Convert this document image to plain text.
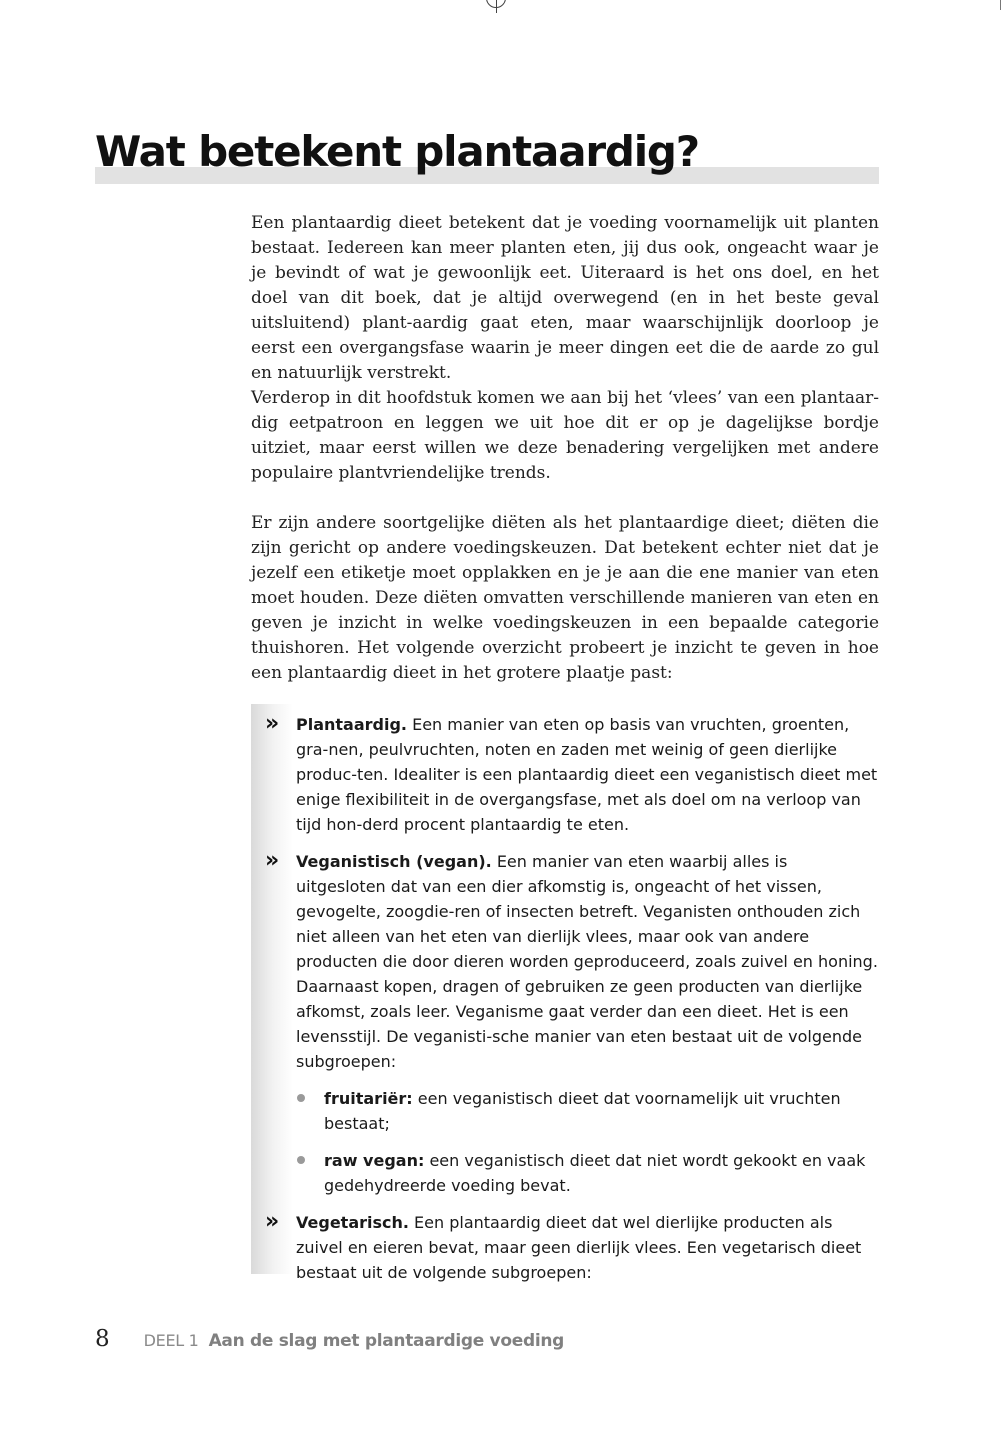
Wat betekent plantaardig?

Een plantaardig dieet betekent dat je voeding voornamelijk uit planten bestaat. Iedereen kan meer planten eten, jij dus ook, ongeacht waar je je bevindt of wat je gewoonlijk eet. Uiteraard is het ons doel, en het doel van dit boek, dat je altijd overwegend (en in het beste geval uitsluitend) plant-aardig gaat eten, maar waarschijnlijk doorloop je eerst een overgangsfase waarin je meer dingen eet die de aarde zo gul en natuurlijk verstrekt.

Verderop in dit hoofdstuk komen we aan bij het ‘vlees’ van een plantaar-dig eetpatroon en leggen we uit hoe dit er op je dagelijkse bordje uitziet, maar eerst willen we deze benadering vergelijken met andere populaire plantvriendelijke trends.

Er zijn andere soortgelijke diëten als het plantaardige dieet; diëten die zijn gericht op andere voedingskeuzen. Dat betekent echter niet dat je jezelf een etiketje moet opplakken en je je aan die ene manier van eten moet houden. Deze diëten omvatten verschillende manieren van eten en geven je inzicht in welke voedingskeuzen in een bepaalde categorie thuishoren. Het volgende overzicht probeert je inzicht te geven in hoe een plantaardig dieet in het grotere plaatje past:

» Plantaardig. Een manier van eten op basis van vruchten, groenten, gra-nen, peulvruchten, noten en zaden met weinig of geen dierlijke produc-ten. Idealiter is een plantaardig dieet een veganistisch dieet met enige flexibiliteit in de overgangsfase, met als doel om na verloop van tijd hon-derd procent plantaardig te eten.
» Veganistisch (vegan). Een manier van eten waarbij alles is uitgesloten dat van een dier afkomstig is, ongeacht of het vissen, gevogelte, zoogdie-ren of insecten betreft. Veganisten onthouden zich niet alleen van het eten van dierlijk vlees, maar ook van andere producten die door dieren worden geproduceerd, zoals zuivel en honing. Daarnaast kopen, dragen of gebruiken ze geen producten van dierlijke afkomst, zoals leer. Veganisme gaat verder dan een dieet. Het is een levensstijl. De veganisti-sche manier van eten bestaat uit de volgende subgroepen:
fruitariër: een veganistisch dieet dat voornamelijk uit vruchten bestaat;
raw vegan: een veganistisch dieet dat niet wordt gekookt en vaak gedehydreerde voeding bevat.
» Vegetarisch. Een plantaardig dieet dat wel dierlijke producten als zuivel en eieren bevat, maar geen dierlijk vlees. Een vegetarisch dieet bestaat uit de volgende subgroepen:
8 DEEL 1 Aan de slag met plantaardige voeding
